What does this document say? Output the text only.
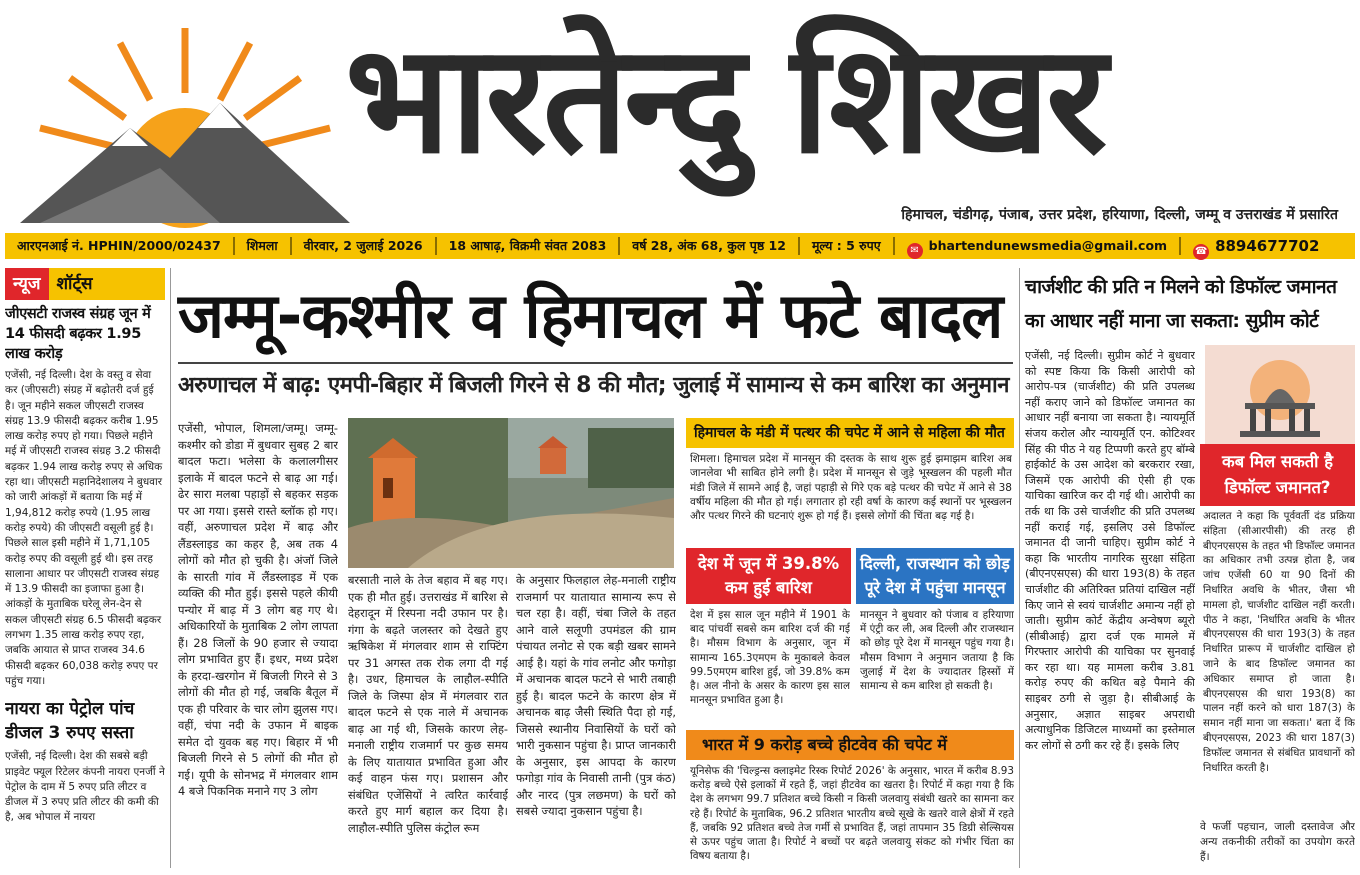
भारतेन्दु शिखर
हिमाचल, चंडीगढ़, पंजाब, उत्तर प्रदेश, हरियाणा, दिल्ली, जम्मू व उत्तराखंड में प्रसारित
आरएनआई नं. HPHIN/2000/02437	शिमला	वीरवार, 2 जुलाई 2026	18 आषाढ़, विक्रमी संवत 2083	वर्ष 28, अंक 68, कुल पृष्ठ 12	मूल्य : 5 रुपए	✉ bhartendunewsmedia@gmail.com	☎ 8894677702
न्यूज शॉर्ट्स
जीएसटी राजस्व संग्रह जून में 14 फीसदी बढ़कर 1.95 लाख करोड़
एजेंसी, नई दिल्ली। देश के वस्तु व सेवा कर (जीएसटी) संग्रह में बढ़ोतरी दर्ज हुई है। जून महीने सकल जीएसटी राजस्व संग्रह 13.9 फीसदी बढ़कर करीब 1.95 लाख करोड़ रुपए हो गया। पिछले महीने मई में जीएसटी राजस्व संग्रह 3.2 फीसदी बढ़कर 1.94 लाख करोड़ रुपए से अधिक रहा था। जीएसटी महानिदेशालय ने बुधवार को जारी आंकड़ों में बताया कि मई में 1,94,812 करोड़ रुपये (1.95 लाख करोड़ रुपये) की जीएसटी वसूली हुई है। पिछले साल इसी महीने में 1,71,105 करोड़ रुपए की वसूली हुई थी। इस तरह सालाना आधार पर जीएसटी राजस्व संग्रह में 13.9 फीसदी का इजाफा हुआ है। आंकड़ों के मुताबिक घरेलू लेन-देन से सकल जीएसटी संग्रह 6.5 फीसदी बढ़कर लगभग 1.35 लाख करोड़ रुपए रहा, जबकि आयात से प्राप्त राजस्व 34.6 फीसदी बढ़कर 60,038 करोड़ रुपए पर पहुंच गया।
नायरा का पेट्रोल पांच डीजल 3 रुपए सस्ता
एजेंसी, नई दिल्ली। देश की सबसे बड़ी प्राइवेट फ्यूल रिटेलर कंपनी नायरा एनर्जी ने पेट्रोल के दाम में 5 रुपए प्रति लीटर व डीजल में 3 रुपए प्रति लीटर की कमी की है, अब भोपाल में नायरा
जम्मू-कश्मीर व हिमाचल में फटे बादल
अरुणाचल में बाढ़: एमपी-बिहार में बिजली गिरने से 8 की मौत; जुलाई में सामान्य से कम बारिश का अनुमान
एजेंसी, भोपाल, शिमला/जम्मू। जम्मू-कश्मीर को डोडा में बुधवार सुबह 2 बार बादल फटा। भलेसा के कलालगीसर इलाके में बादल फटने से बाढ़ आ गई। ढेर सारा मलबा पहाड़ों से बहकर सड़क पर आ गया। इससे रास्ते ब्लॉक हो गए। वहीं, अरुणाचल प्रदेश में बाढ़ और लैंडस्लाइड का कहर है, अब तक 4 लोगों को मौत हो चुकी है। अंजॉ जिले के सारती गांव में लैंडस्लाइड में एक व्यक्ति की मौत हुई। इससे पहले कीयी पन्योर में बाढ़ में 3 लोग बह गए थे। अधिकारियों के मुताबिक 2 लोग लापता हैं। 28 जिलों के 90 हजार से ज्यादा लोग प्रभावित हुए हैं। इधर, मध्य प्रदेश के हरदा-खरगोन में बिजली गिरने से 3 लोगों की मौत हो गई, जबकि बैतूल में एक ही परिवार के चार लोग झुलस गए। वहीं, चंपा नदी के उफान में बाइक समेत दो युवक बह गए। बिहार में भी बिजली गिरने से 5 लोगों की मौत हो गई। यूपी के सोनभद्र में मंगलवार शाम 4 बजे पिकनिक मनाने गए 3 लोग
बरसाती नाले के तेज बहाव में बह गए। एक ही मौत हुई। उत्तराखंड में बारिश से देहरादून में रिस्पना नदी उफान पर है। गंगा के बढ़ते जलस्तर को देखते हुए ऋषिकेश में मंगलवार शाम से राफ्टिंग पर 31 अगस्त तक रोक लगा दी गई है। उधर, हिमाचल के लाहौल-स्पीति जिले के जिस्पा क्षेत्र में मंगलवार रात बादल फटने से एक नाले में अचानक बाढ़ आ गई थी, जिसके कारण लेह-मनाली राष्ट्रीय राजमार्ग पर कुछ समय के लिए यातायात प्रभावित हुआ और कई वाहन फंस गए। प्रशासन और संबंधित एजेंसियों ने त्वरित कार्रवाई करते हुए मार्ग बहाल कर दिया है। लाहौल-स्पीति पुलिस कंट्रोल रूम
के अनुसार फिलहाल लेह-मनाली राष्ट्रीय राजमार्ग पर यातायात सामान्य रूप से चल रहा है। वहीं, चंबा जिले के तहत आने वाले सलूणी उपमंडल की ग्राम पंचायत लनोट से एक बड़ी खबर सामने आई है। यहां के गांव लनोट और फगोड़ा में अचानक बादल फटने से भारी तबाही हुई है। बादल फटने के कारण क्षेत्र में अचानक बाढ़ जैसी स्थिति पैदा हो गई, जिससे स्थानीय निवासियों के घरों को भारी नुकसान पहुंचा है। प्राप्त जानकारी के अनुसार, इस आपदा के कारण फगोड़ा गांव के निवासी तानी (पुत्र कंठ) और नारद (पुत्र लछमण) के घरों को सबसे ज्यादा नुकसान पहुंचा है।
हिमाचल के मंडी में पत्थर की चपेट में आने से महिला की मौत
शिमला। हिमाचल प्रदेश में मानसून की दस्तक के साथ शुरू हुई झमाझम बारिश अब जानलेवा भी साबित होने लगी है। प्रदेश में मानसून से जुड़े भूस्खलन की पहली मौत मंडी जिले में सामने आई है, जहां पहाड़ी से गिरे एक बड़े पत्थर की चपेट में आने से 38 वर्षीय महिला की मौत हो गई। लगातार हो रही वर्षा के कारण कई स्थानों पर भूस्खलन और पत्थर गिरने की घटनाएं शुरू हो गई हैं। इससे लोगों की चिंता बढ़ गई है।
देश में जून में 39.8% कम हुई बारिश
दिल्ली, राजस्थान को छोड़ पूरे देश में पहुंचा मानसून
देश में इस साल जून महीने में 1901 के बाद पांचवीं सबसे कम बारिश दर्ज की गई है। मौसम विभाग के अनुसार, जून में सामान्य 165.3एमएम के मुकाबले केवल 99.5एमएम बारिश हुई, जो 39.8% कम है। अल नीनो के असर के कारण इस साल मानसून प्रभावित हुआ है।
मानसून ने बुधवार को पंजाब व हरियाणा में एंट्री कर ली, अब दिल्ली और राजस्थान को छोड़ पूरे देश में मानसून पहुंच गया है। मौसम विभाग ने अनुमान जताया है कि जुलाई में देश के ज्यादातर हिस्सों में सामान्य से कम बारिश हो सकती है।
भारत में 9 करोड़ बच्चे हीटवेव की चपेट में
यूनिसेफ की 'चिल्ड्रन्स क्लाइमेट रिस्क रिपोर्ट 2026' के अनुसार, भारत में करीब 8.93 करोड़ बच्चे ऐसे इलाकों में रहते हैं, जहां हीटवेव का खतरा है। रिपोर्ट में कहा गया है कि देश के लगभग 99.7 प्रतिशत बच्चे किसी न किसी जलवायु संबंधी खतरे का सामना कर रहे हैं। रिपोर्ट के मुताबिक, 96.2 प्रतिशत भारतीय बच्चे सूखे के खतरे वाले क्षेत्रों में रहते हैं, जबकि 92 प्रतिशत बच्चे तेज गर्मी से प्रभावित हैं, जहां तापमान 35 डिग्री सेल्सियस से ऊपर पहुंच जाता है। रिपोर्ट ने बच्चों पर बढ़ते जलवायु संकट को गंभीर चिंता का विषय बताया है।
चार्जशीट की प्रति न मिलने को डिफॉल्ट जमानत का आधार नहीं माना जा सकता: सुप्रीम कोर्ट
एजेंसी, नई दिल्ली। सुप्रीम कोर्ट ने बुधवार को स्पष्ट किया कि किसी आरोपी को आरोप-पत्र (चार्जशीट) की प्रति उपलब्ध नहीं कराए जाने को डिफॉल्ट जमानत का आधार नहीं बनाया जा सकता है। न्यायमूर्ति संजय करोल और न्यायमूर्ति एन. कोटिश्वर सिंह की पीठ ने यह टिप्पणी करते हुए बॉम्बे हाईकोर्ट के उस आदेश को बरकरार रखा, जिसमें एक आरोपी की ऐसी ही एक याचिका खारिज कर दी गई थी। आरोपी का तर्क था कि उसे चार्जशीट की प्रति उपलब्ध नहीं कराई गई, इसलिए उसे डिफॉल्ट जमानत दी जानी चाहिए। सुप्रीम कोर्ट ने कहा कि भारतीय नागरिक सुरक्षा संहिता (बीएनएसएस) की धारा 193(8) के तहत चार्जशीट की अतिरिक्त प्रतियां दाखिल नहीं किए जाने से स्वयं चार्जशीट अमान्य नहीं हो जाती। सुप्रीम कोर्ट केंद्रीय अन्वेषण ब्यूरो (सीबीआई) द्वारा दर्ज एक मामले में गिरफ्तार आरोपी की याचिका पर सुनवाई कर रहा था। यह मामला करीब 3.81 करोड़ रुपए की कथित बड़े पैमाने की साइबर ठगी से जुड़ा है। सीबीआई के अनुसार, अज्ञात साइबर अपराधी अत्याधुनिक डिजिटल माध्यमों का इस्तेमाल कर लोगों से ठगी कर रहे हैं। इसके लिए
कब मिल सकती है डिफॉल्ट जमानत?
अदालत ने कहा कि पूर्ववर्ती दंड प्रक्रिया संहिता (सीआरपीसी) की तरह ही बीएनएसएस के तहत भी डिफॉल्ट जमानत का अधिकार तभी उत्पन्न होता है, जब जांच एजेंसी 60 या 90 दिनों की निर्धारित अवधि के भीतर, जैसा भी मामला हो, चार्जशीट दाखिल नहीं करती। पीठ ने कहा, 'निर्धारित अवधि के भीतर बीएनएसएस की धारा 193(3) के तहत निर्धारित प्रारूप में चार्जशीट दाखिल हो जाने के बाद डिफॉल्ट जमानत का अधिकार समाप्त हो जाता है। बीएनएसएस की धारा 193(8) का पालन नहीं करने को धारा 187(3) के समान नहीं माना जा सकता।' बता दें कि बीएनएसएस, 2023 की धारा 187(3) डिफॉल्ट जमानत से संबंधित प्रावधानों को निर्धारित करती है।
वे फर्जी पहचान, जाली दस्तावेज और अन्य तकनीकी तरीकों का उपयोग करते हैं।
